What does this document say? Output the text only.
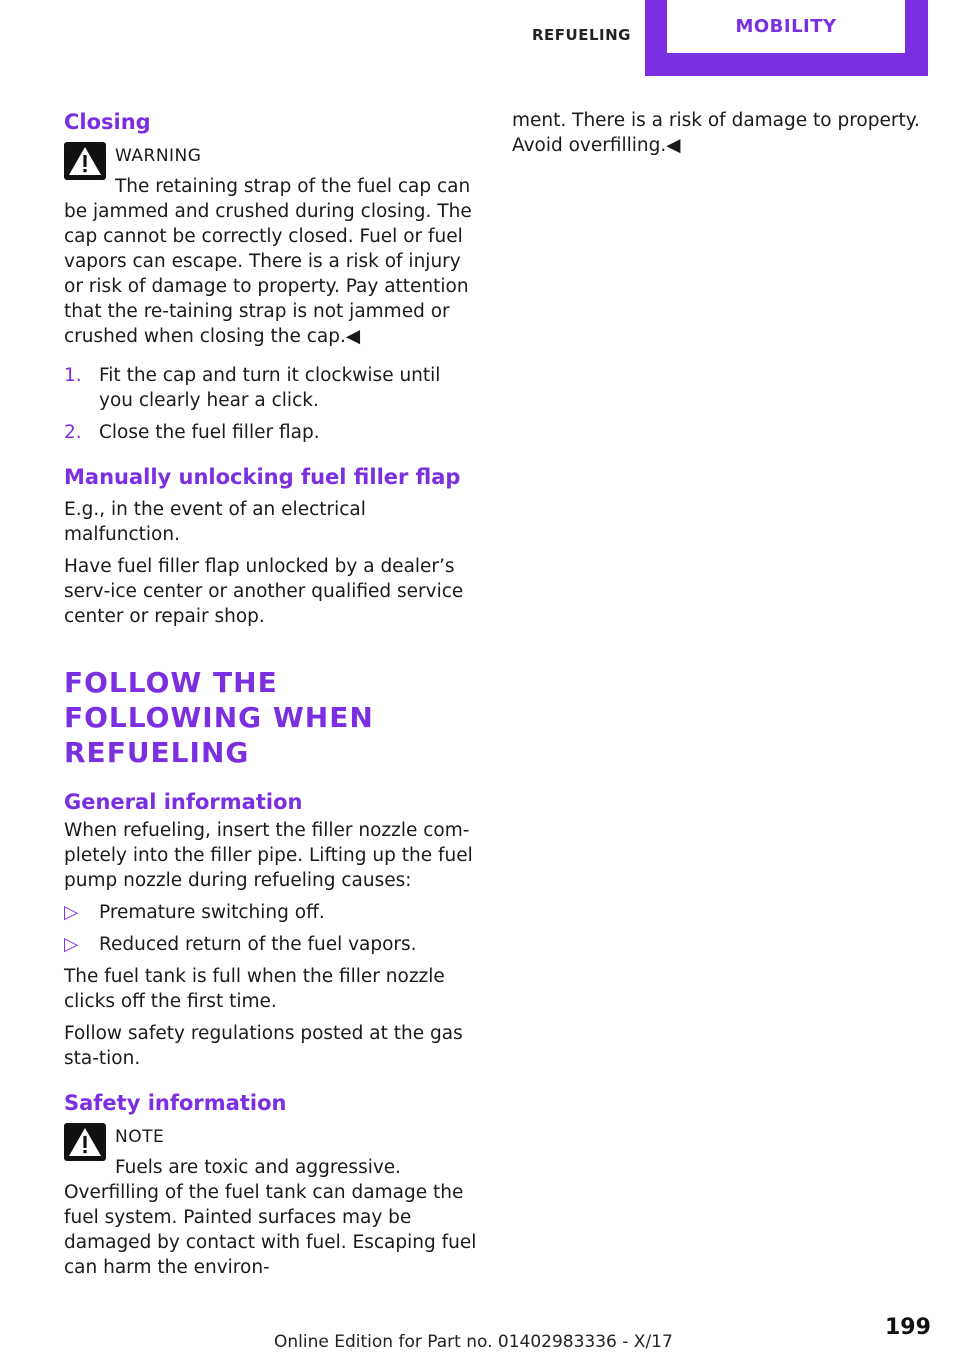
REFUELING	MOBILITY
Closing
WARNING
The retaining strap of the fuel cap can be jammed and crushed during closing. The cap cannot be correctly closed. Fuel or fuel vapors can escape. There is a risk of injury or risk of damage to property. Pay attention that the re‐taining strap is not jammed or crushed when closing the cap.◀
1. Fit the cap and turn it clockwise until you clearly hear a click.
2. Close the fuel filler flap.
Manually unlocking fuel filler flap

E.g., in the event of an electrical malfunction.

Have fuel filler flap unlocked by a dealer’s serv‐ice center or another qualified service center or repair shop.

FOLLOW THE FOLLOWING WHEN REFUELING
General information

When refueling, insert the filler nozzle com‐pletely into the filler pipe. Lifting up the fuel pump nozzle during refueling causes:

▷ Premature switching off.
▷ Reduced return of the fuel vapors.

The fuel tank is full when the filler nozzle clicks off the first time.

Follow safety regulations posted at the gas sta‐tion.

Safety information
NOTE
Fuels are toxic and aggressive. Overfilling of the fuel tank can damage the fuel system. Painted surfaces may be damaged by contact with fuel. Escaping fuel can harm the environ‐

ment. There is a risk of damage to property. Avoid overfilling.◀

199
Online Edition for Part no. 01402983336 - X/17
